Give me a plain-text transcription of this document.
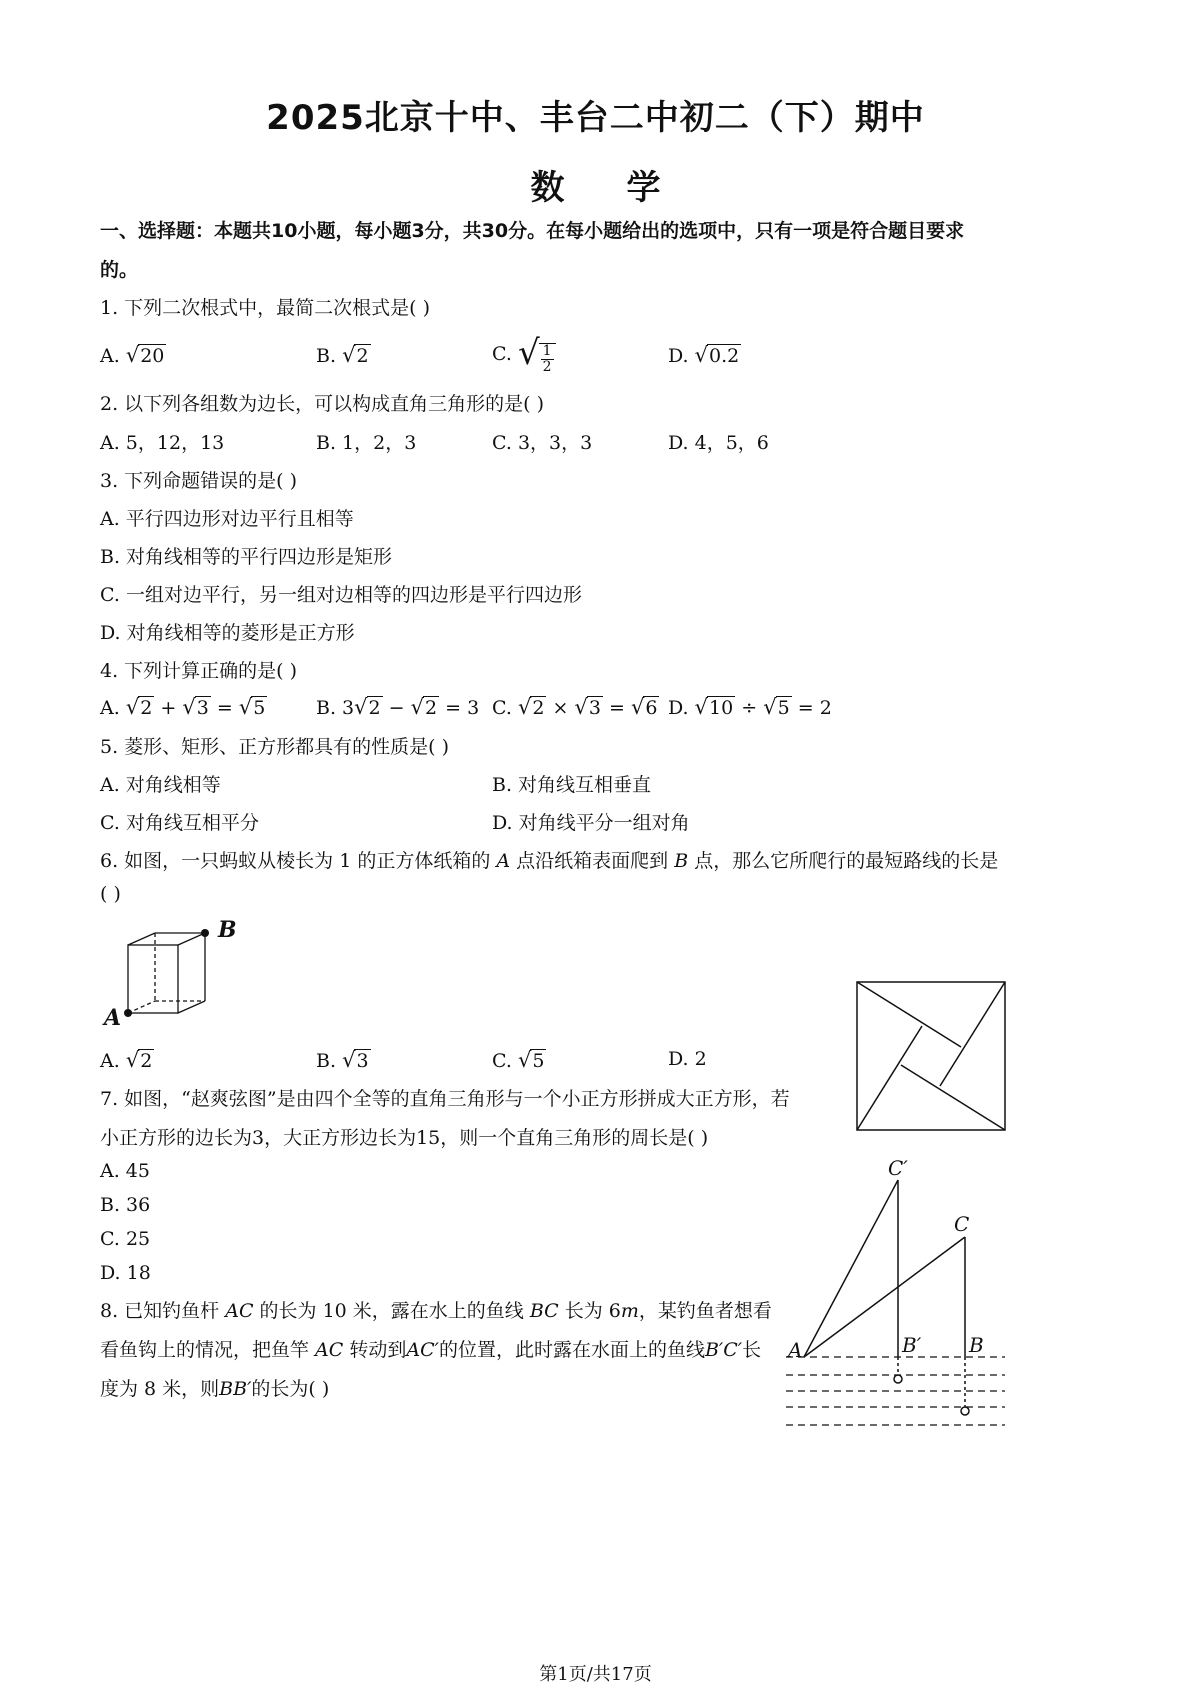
2025北京十中、丰台二中初二（下）期中
数学
一、选择题：本题共10小题，每小题3分，共30分。在每小题给出的选项中，只有一项是符合题目要求
的。
1. 下列二次根式中，最简二次根式是( )
A. √20	B. √2	C. √ $\frac{1}{2}$	D. √0.2
2. 以下列各组数为边长，可以构成直角三角形的是( )
A. 5，12，13	B. 1，2，3	C. 3，3，3	D. 4，5，6
3. 下列命题错误的是( )
A. 平行四边形对边平行且相等
B. 对角线相等的平行四边形是矩形
C. 一组对边平行，另一组对边相等的四边形是平行四边形
D. 对角线相等的菱形是正方形
4. 下列计算正确的是( )
A. √2 + √3 = √5	B. 3√2 − √2 = 3 C. √2 × √3 = √6 D. √10 ÷ √5 = 2
5. 菱形、矩形、正方形都具有的性质是( )
A. 对角线相等	B. 对角线互相垂直
C. 对角线互相平分	D. 对角线平分一组对角
6. 如图，一只蚂蚁从棱长为 1 的正方体纸箱的 A 点沿纸箱表面爬到 B 点，那么它所爬行的最短路线的长是
( )
A
B
A. √2	B. √3	C. √5	D. 2
7. 如图，“赵爽弦图”是由四个全等的直角三角形与一个小正方形拼成大正方形，若
小正方形的边长为3，大正方形边长为15，则一个直角三角形的周长是( )
A. 45
B. 36
C. 25
D. 18
8. 已知钓鱼杆 AC 的长为 10 米，露在水上的鱼线 BC 长为 6m，某钓鱼者想看
看鱼钩上的情况，把鱼竿 AC 转动到AC′的位置，此时露在水面上的鱼线B′C′长
度为 8 米，则BB′的长为( )
C′
C
A	B′ B
第1页/共17页
